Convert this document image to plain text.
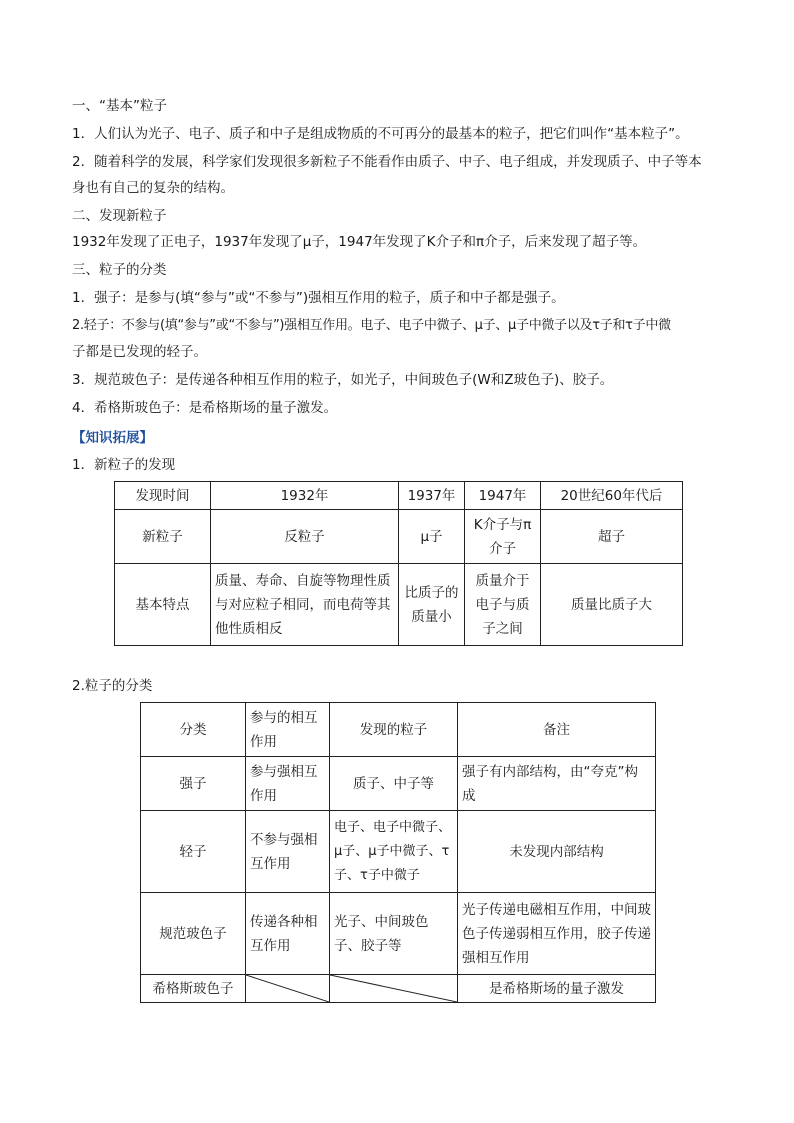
一、“基本”粒子
1．人们认为光子、电子、质子和中子是组成物质的不可再分的最基本的粒子，把它们叫作“基本粒子”。
2．随着科学的发展，科学家们发现很多新粒子不能看作由质子、中子、电子组成，并发现质子、中子等本
身也有自己的复杂的结构。
二、发现新粒子
1932年发现了正电子，1937年发现了μ子，1947年发现了K介子和π介子，后来发现了超子等。
三、粒子的分类
1．强子：是参与(填“参与”或“不参与”)强相互作用的粒子，质子和中子都是强子。
2.轻子：不参与(填“参与”或“不参与”)强相互作用。电子、电子中微子、μ子、μ子中微子以及τ子和τ子中微
子都是已发现的轻子。
3．规范玻色子：是传递各种相互作用的粒子，如光子，中间玻色子(W和Z玻色子)、胶子。
4．希格斯玻色子：是希格斯场的量子激发。
【知识拓展】
1．新粒子的发现
发现时间	1932年	1937年	1947年	20世纪60年代后
新粒子	反粒子	μ子	K介子与π介子	超子
基本特点	质量、寿命、自旋等物理性质与对应粒子相同，而电荷等其他性质相反	比质子的质量小	质量介于电子与质子之间	质量比质子大
2.粒子的分类
分类	参与的相互作用	发现的粒子	备注
强子	参与强相互作用	质子、中子等	强子有内部结构，由“夸克”构成
轻子	不参与强相互作用	电子、电子中微子、μ子、μ子中微子、τ子、τ子中微子	未发现内部结构
规范玻色子	传递各种相互作用	光子、中间玻色子、胶子等	光子传递电磁相互作用，中间玻色子传递弱相互作用，胶子传递强相互作用
希格斯玻色子			是希格斯场的量子激发
